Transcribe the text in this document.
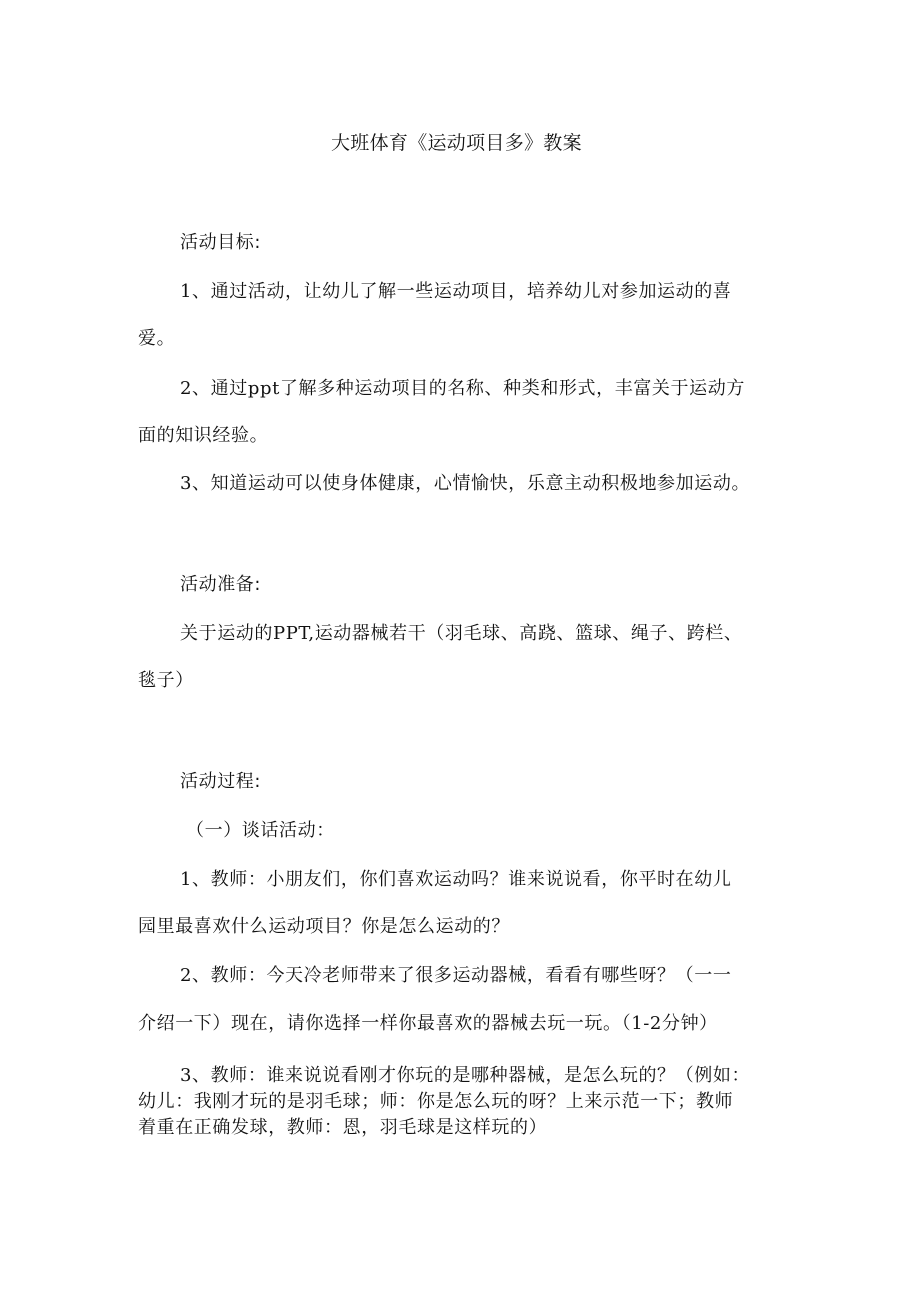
大班体育《运动项目多》教案
活动目标:
1、通过活动，让幼儿了解一些运动项目，培养幼儿对参加运动的喜
爱。
2、通过ppt了解多种运动项目的名称、种类和形式，丰富关于运动方
面的知识经验。
3、知道运动可以使身体健康，心情愉快，乐意主动积极地参加运动。
活动准备:
关于运动的PPT,运动器械若干（羽毛球、高跷、篮球、绳子、跨栏、
毯子）
活动过程:
（一）谈话活动：
1、教师：小朋友们，你们喜欢运动吗？谁来说说看，你平时在幼儿
园里最喜欢什么运动项目？你是怎么运动的？
2、教师：今天冷老师带来了很多运动器械，看看有哪些呀？（一一
介绍一下）现在，请你选择一样你最喜欢的器械去玩一玩。（1-2分钟）
3、教师：谁来说说看刚才你玩的是哪种器械，是怎么玩的？（例如：
幼儿：我刚才玩的是羽毛球；师：你是怎么玩的呀？上来示范一下；教师
着重在正确发球，教师：恩，羽毛球是这样玩的）
